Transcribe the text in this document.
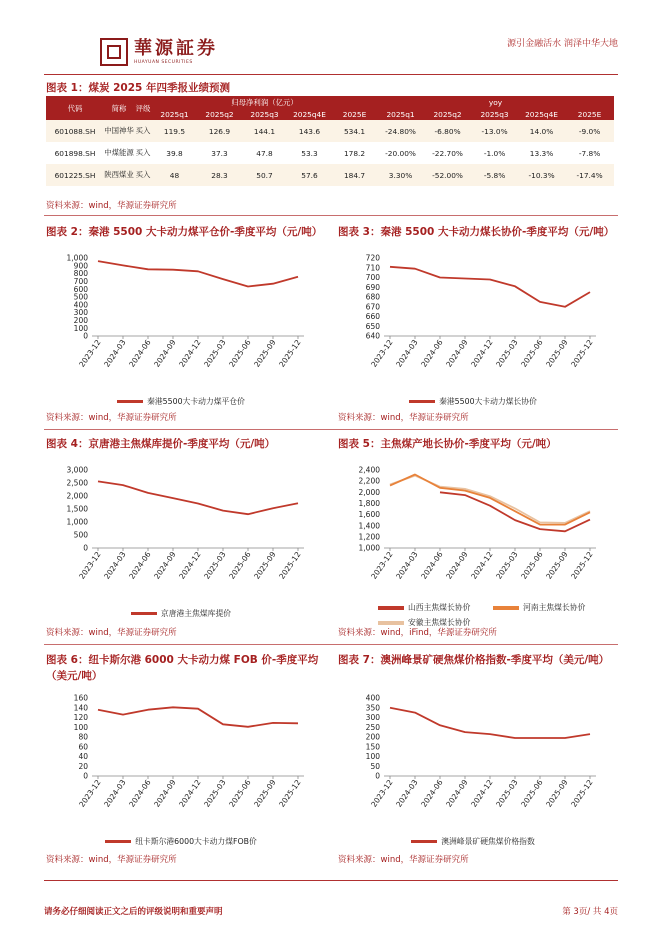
華源証券
HUAYUAN SECURITIES
源引金融活水 润泽中华大地
图表 1：煤炭 2025 年四季报业绩预测
代码	简称	评级	归母净利润（亿元）					yoy				
			2025q1	2025q2	2025q3	2025q4E	2025E	2025q1	2025q2	2025q3	2025q4E	2025E
601088.SH	中国神华	买入	119.5	126.9	144.1	143.6	534.1	-24.80%	-6.80%	-13.0%	14.0%	-9.0%
601898.SH	中煤能源	买入	39.8	37.3	47.8	53.3	178.2	-20.00%	-22.70%	-1.0%	13.3%	-7.8%
601225.SH	陕西煤业	买入	48	28.3	50.7	57.6	184.7	3.30%	-52.00%	-5.8%	-10.3%	-17.4%
资料来源：wind，华源证券研究所
图表 2：秦港 5500 大卡动力煤平仓价-季度平均（元/吨）	图表 3：秦港 5500 大卡动力煤长协价-季度平均（元/吨）
0
100
200
300
400
500
600
700
800
900
1,000
2023-12 2024-03 2024-06 2024-09 2024-12 2025-03 2025-06 2025-09 2025-12
秦港5500大卡动力煤平仓价
640
650
660
670
680
690
700
710
720
2023-12 2024-03 2024-06 2024-09 2024-12 2025-03 2025-06 2025-09 2025-12
秦港5500大卡动力煤长协价
资料来源：wind，华源证券研究所	资料来源：wind，华源证券研究所
图表 4：京唐港主焦煤库提价-季度平均（元/吨）	图表 5：主焦煤产地长协价-季度平均（元/吨）
0
500
1,000
1,500
2,000
2,500
3,000
2023-12 2024-03 2024-06 2024-09 2024-12 2025-03 2025-06 2025-09 2025-12
京唐港主焦煤库提价
1,000
1,200
1,400
1,600
1,800
2,000
2,200
2,400
2023-12 2024-03 2024-06 2024-09 2024-12 2025-03 2025-06 2025-09 2025-12
山西主焦煤长协价	河南主焦煤长协价
安徽主焦煤长协价
资料来源：wind，华源证券研究所	资料来源：wind，iFind，华源证券研究所
图表 6：纽卡斯尔港 6000 大卡动力煤 FOB 价-季度平均（美元/吨）
图表 7：澳洲峰景矿硬焦煤价格指数-季度平均（美元/吨）
0
20
40
60
80
100
120
140
160
2023-12 2024-03 2024-06 2024-09 2024-12 2025-03 2025-06 2025-09 2025-12
纽卡斯尔港6000大卡动力煤FOB价
0
50
100
150
200
250
300
350
400
2023-12 2024-03 2024-06 2024-09 2024-12 2025-03 2025-06 2025-09 2025-12
澳洲峰景矿硬焦煤价格指数
资料来源：wind，华源证券研究所	资料来源：wind，华源证券研究所
请务必仔细阅读正文之后的评级说明和重要声明	第 3页/ 共 4页
